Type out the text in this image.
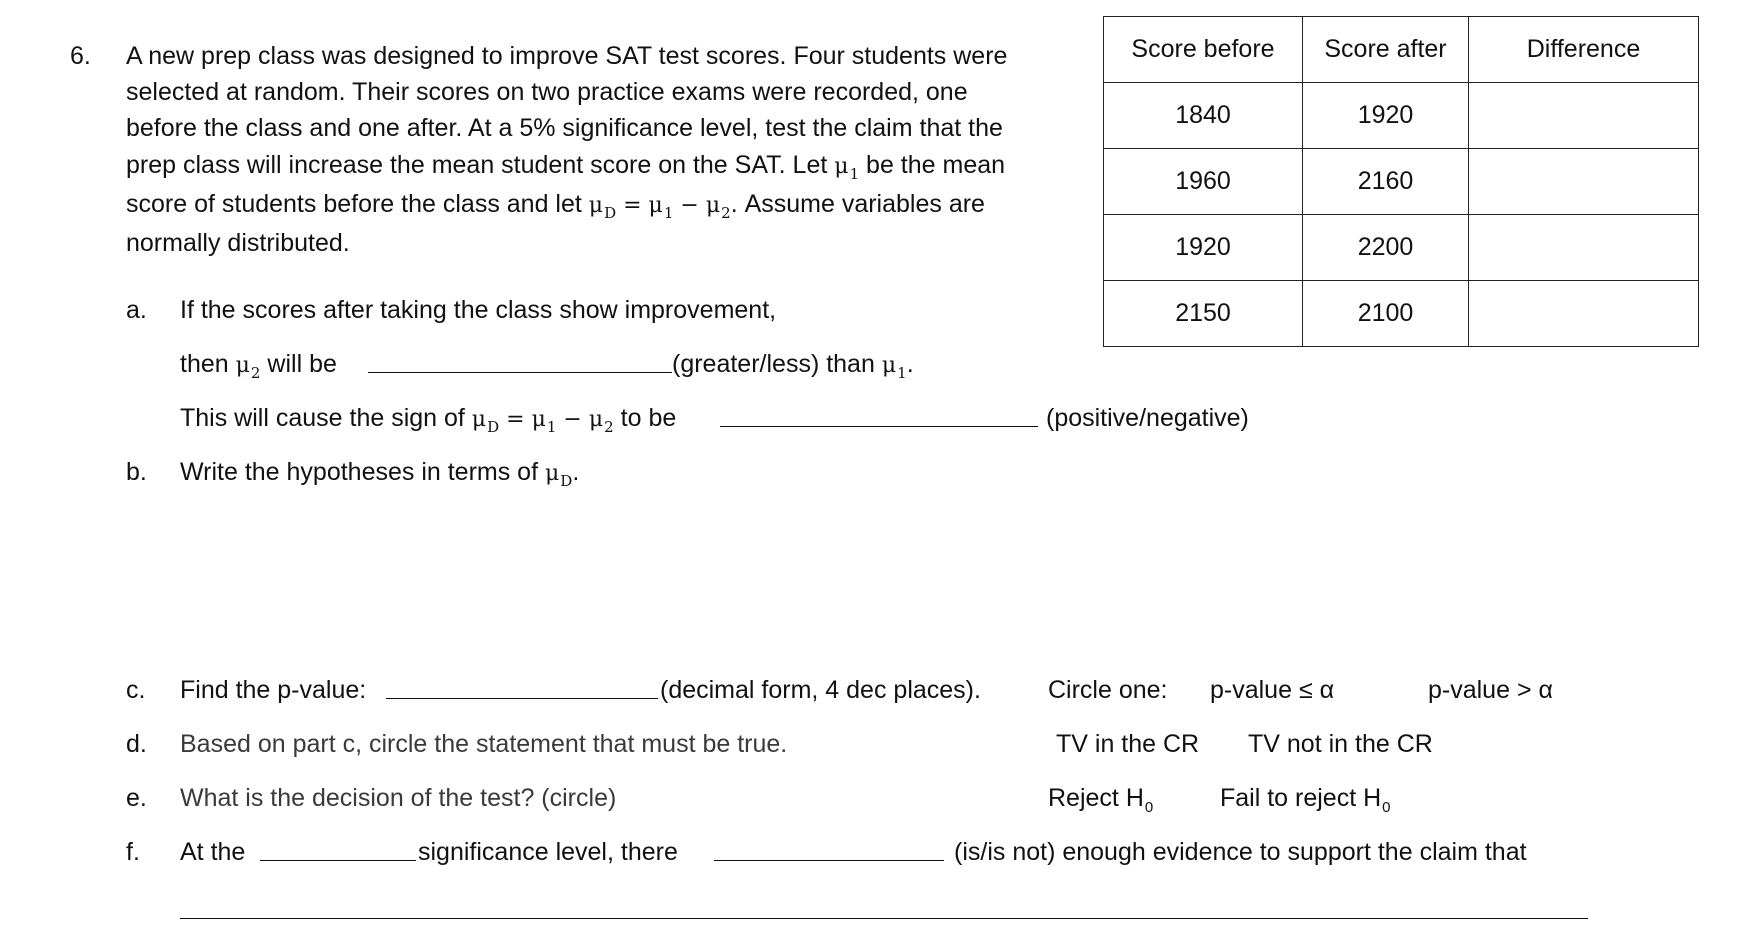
6. A new prep class was designed to improve SAT test scores. Four students were
selected at random. Their scores on two practice exams were recorded, one
before the class and one after. At a 5% significance level, test the claim that the
prep class will increase the mean student score on the SAT. Let $\mu_1$ be the mean
score of students before the class and let $\mu_D = \mu_1 - \mu_2$. Assume variables are
normally distributed.
Score before	Score after	Difference
1840	1920	
1960	2160	
1920	2200	
2150	2100	
a. If the scores after taking the class show improvement,
then $\mu_2$ will be	(greater/less) than $\mu_1$.
This will cause the sign of $\mu_D = \mu_1 - \mu_2$ to be	(positive/negative)
b. Write the hypotheses in terms of $\mu_D$.
c. Find the p-value:	(decimal form, 4 dec places).	Circle one: p-value ≤ α	p-value > α
d. Based on part c, circle the statement that must be true.	TV in the CR TV not in the CR
e. What is the decision of the test? (circle)	Reject $H_0$	Fail to reject $H_0$
f. At the	significance level, there	(is/is not) enough evidence to support the claim that
